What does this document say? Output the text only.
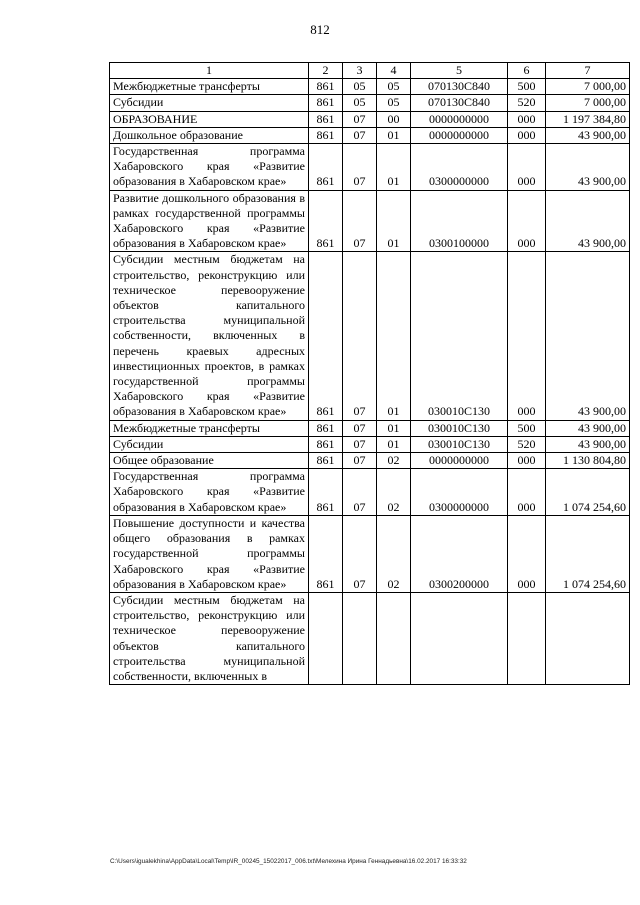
812
1	2	3	4	5	6	7
Межбюджетные трансферты	861	05	05	070130С840	500	7 000,00
Субсидии	861	05	05	070130С840	520	7 000,00
ОБРАЗОВАНИЕ	861	07	00	0000000000	000	1 197 384,80
Дошкольное образование	861	07	01	0000000000	000	43 900,00
Государственная программа Хабаровского края «Развитие образования в Хабаровском крае»	861	07	01	0300000000	000	43 900,00
Развитие дошкольного образования в рамках государственной программы Хабаровского края «Развитие образования в Хабаровском крае»	861	07	01	0300100000	000	43 900,00
Субсидии местным бюджетам на строительство, реконструкцию или техническое перевооружение объектов капитального строительства муниципальной собственности, включенных в перечень краевых адресных инвестиционных проектов, в рамках государственной программы Хабаровского края «Развитие образования в Хабаровском крае»	861	07	01	030010С130	000	43 900,00
Межбюджетные трансферты	861	07	01	030010С130	500	43 900,00
Субсидии	861	07	01	030010С130	520	43 900,00
Общее образование	861	07	02	0000000000	000	1 130 804,80
Государственная программа Хабаровского края «Развитие образования в Хабаровском крае»	861	07	02	0300000000	000	1 074 254,60
Повышение доступности и качества общего образования в рамках государственной программы Хабаровского края «Развитие образования в Хабаровском крае»	861	07	02	0300200000	000	1 074 254,60
Субсидии местным бюджетам на строительство, реконструкцию или техническое перевооружение объектов капитального строительства муниципальной собственности, включенных в						
C:\Users\igualekhina\AppData\Local\Temp\IR_00245_15022017_006.txt\Мелехина Ирина Геннадьевна\16.02.2017 16:33:32
